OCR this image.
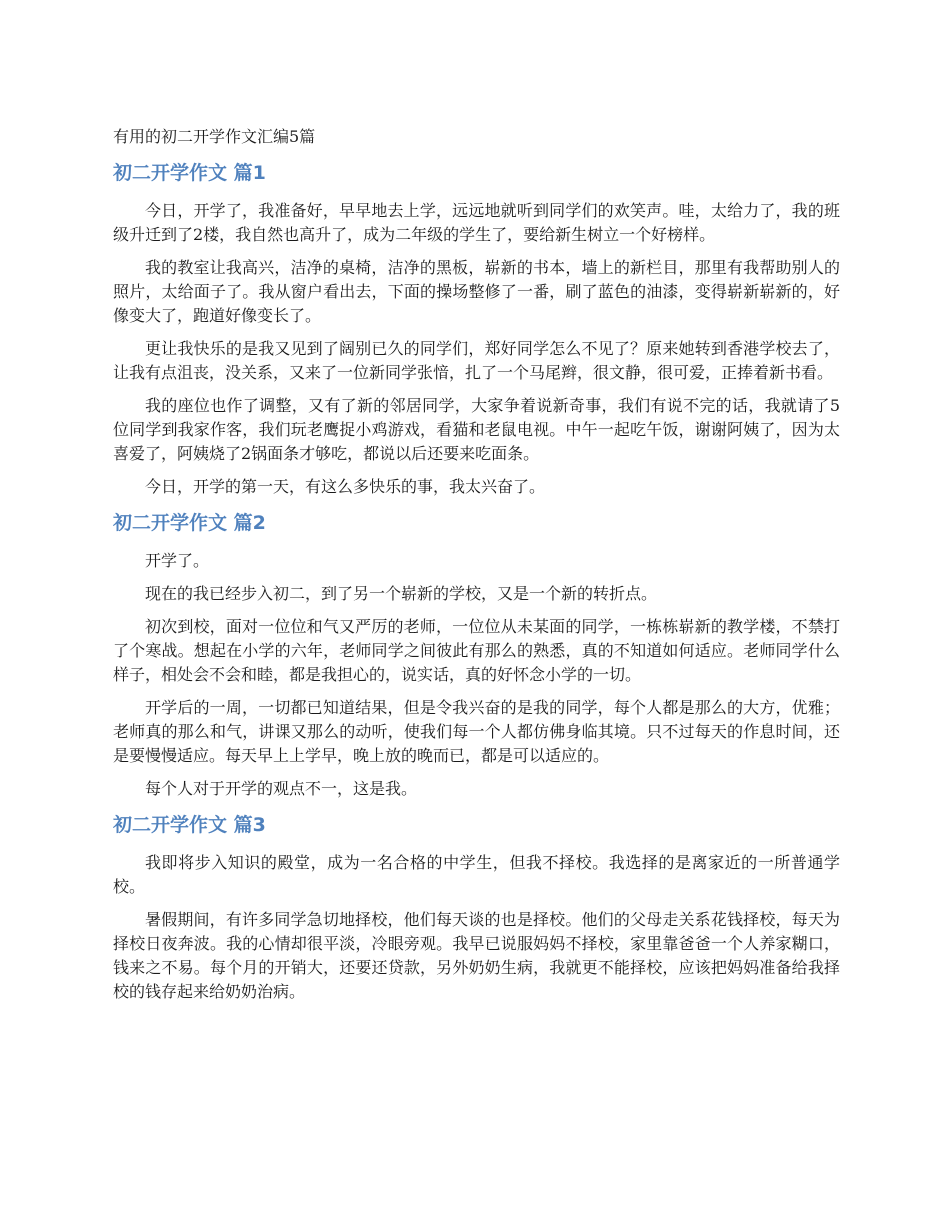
有用的初二开学作文汇编5篇
初二开学作文 篇1

今日，开学了，我准备好，早早地去上学，远远地就听到同学们的欢笑声。哇，太给力了，我的班级升迁到了2楼，我自然也高升了，成为二年级的学生了，要给新生树立一个好榜样。

我的教室让我高兴，洁净的桌椅，洁净的黑板，崭新的书本，墙上的新栏目，那里有我帮助别人的照片，太给面子了。我从窗户看出去，下面的操场整修了一番，刷了蓝色的油漆，变得崭新崭新的，好像变大了，跑道好像变长了。

更让我快乐的是我又见到了阔别已久的同学们，郑好同学怎么不见了？原来她转到香港学校去了，让我有点沮丧，没关系，又来了一位新同学张愔，扎了一个马尾辫，很文静，很可爱，正捧着新书看。

我的座位也作了调整，又有了新的邻居同学，大家争着说新奇事，我们有说不完的话，我就请了5位同学到我家作客，我们玩老鹰捉小鸡游戏，看猫和老鼠电视。中午一起吃午饭，谢谢阿姨了，因为太喜爱了，阿姨烧了2锅面条才够吃，都说以后还要来吃面条。

今日，开学的第一天，有这么多快乐的事，我太兴奋了。

初二开学作文 篇2

开学了。

现在的我已经步入初二，到了另一个崭新的学校，又是一个新的转折点。

初次到校，面对一位位和气又严厉的老师，一位位从未某面的同学，一栋栋崭新的教学楼，不禁打了个寒战。想起在小学的六年，老师同学之间彼此有那么的熟悉，真的不知道如何适应。老师同学什么样子，相处会不会和睦，都是我担心的，说实话，真的好怀念小学的一切。

开学后的一周，一切都已知道结果，但是令我兴奋的是我的同学，每个人都是那么的大方，优雅；老师真的那么和气，讲课又那么的动听，使我们每一个人都仿佛身临其境。只不过每天的作息时间，还是要慢慢适应。每天早上上学早，晚上放的晚而已，都是可以适应的。

每个人对于开学的观点不一，这是我。

初二开学作文 篇3

我即将步入知识的殿堂，成为一名合格的中学生，但我不择校。我选择的是离家近的一所普通学校。

暑假期间，有许多同学急切地择校，他们每天谈的也是择校。他们的父母走关系花钱择校，每天为择校日夜奔波。我的心情却很平淡，冷眼旁观。我早已说服妈妈不择校，家里靠爸爸一个人养家糊口，钱来之不易。每个月的开销大，还要还贷款，另外奶奶生病，我就更不能择校，应该把妈妈准备给我择校的钱存起来给奶奶治病。
